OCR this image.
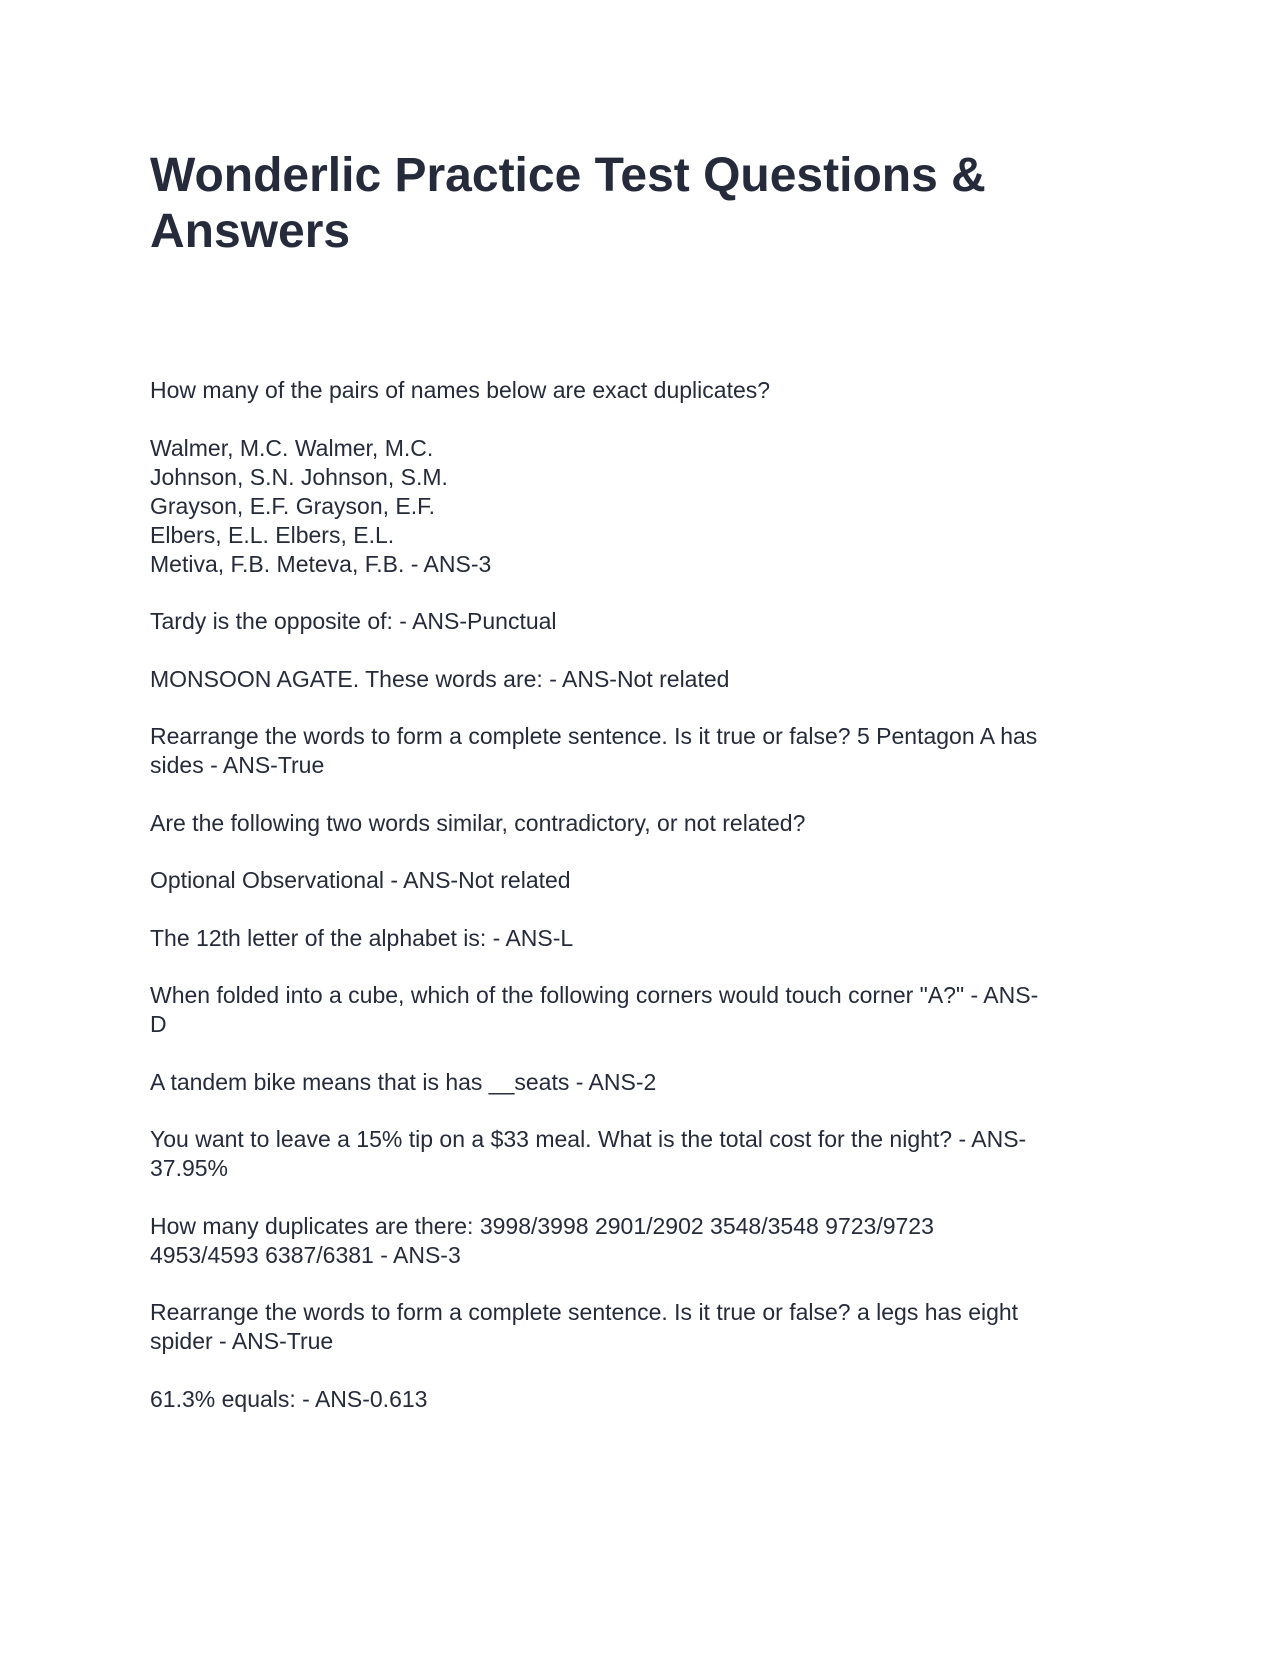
Wonderlic Practice Test Questions & Answers

How many of the pairs of names below are exact duplicates?

Walmer, M.C. Walmer, M.C.
Johnson, S.N. Johnson, S.M.
Grayson, E.F. Grayson, E.F.
Elbers, E.L. Elbers, E.L.
Metiva, F.B. Meteva, F.B. - ANS-3

Tardy is the opposite of: - ANS-Punctual

MONSOON AGATE. These words are: - ANS-Not related

Rearrange the words to form a complete sentence. Is it true or false? 5 Pentagon A has
sides - ANS-True

Are the following two words similar, contradictory, or not related?

Optional Observational - ANS-Not related

The 12th letter of the alphabet is: - ANS-L

When folded into a cube, which of the following corners would touch corner "A?" - ANS-
D

A tandem bike means that is has __seats - ANS-2

You want to leave a 15% tip on a $33 meal. What is the total cost for the night? - ANS-
37.95%

How many duplicates are there: 3998/3998 2901/2902 3548/3548 9723/9723
4953/4593 6387/6381 - ANS-3

Rearrange the words to form a complete sentence. Is it true or false? a legs has eight
spider - ANS-True

61.3% equals: - ANS-0.613
